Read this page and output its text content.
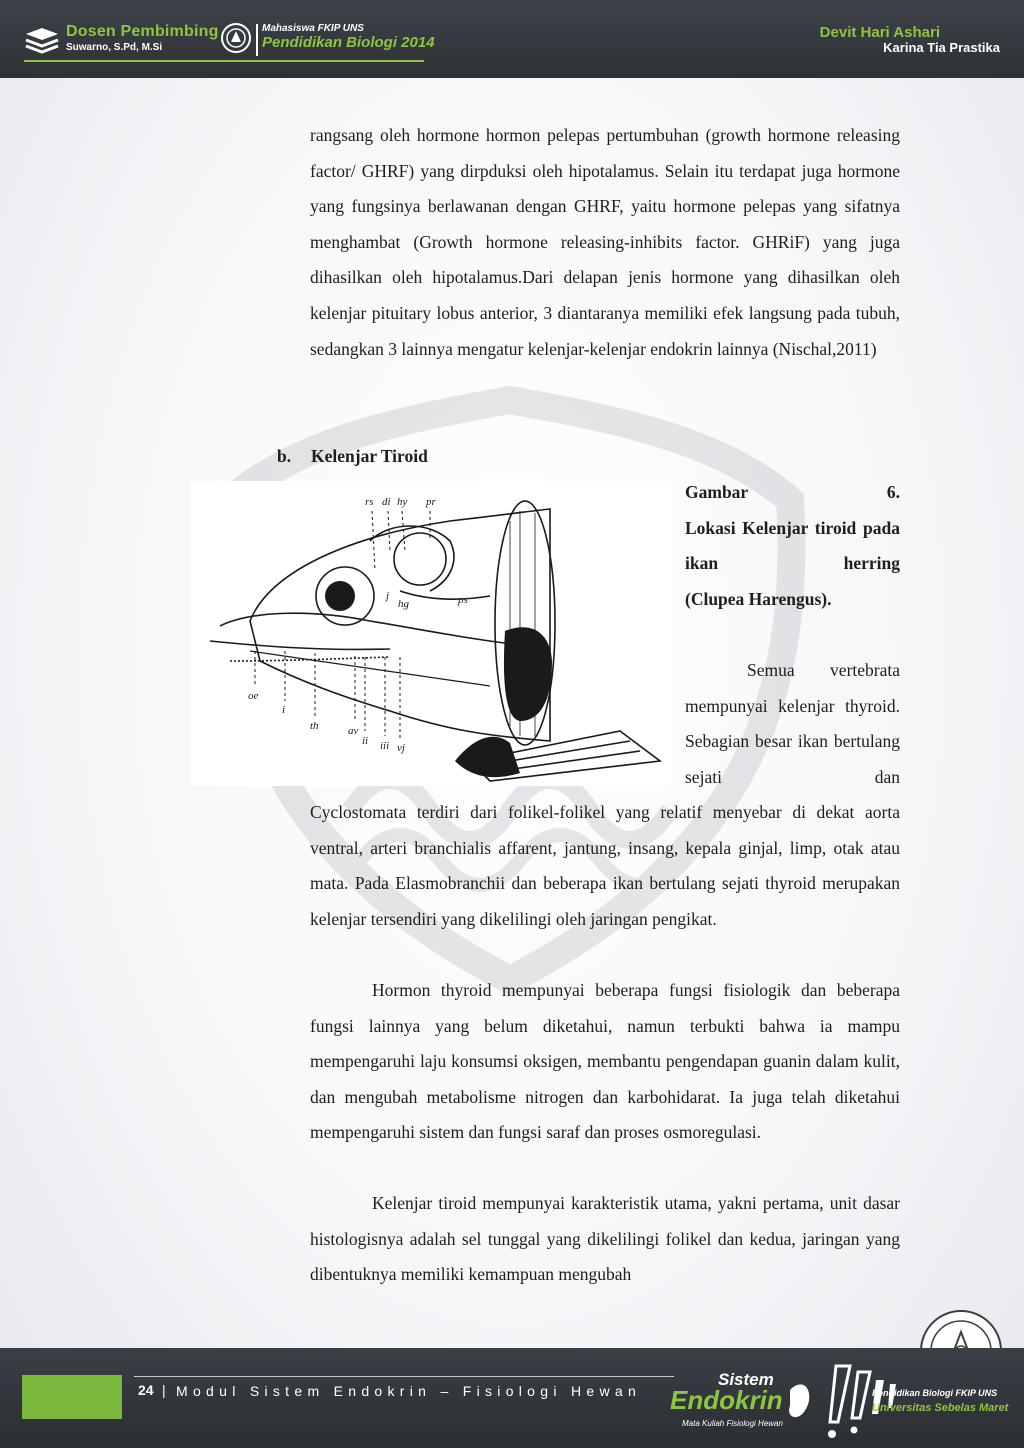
Dosen Pembimbing
Suwarno, S.Pd, M.Si
Mahasiswa FKIP UNS
Pendidikan Biologi 2014
Devit Hari Ashari
Karina Tia Prastika

rangsang oleh hormone hormon pelepas pertumbuhan (growth hormone releasing factor/ GHRF) yang dirpduksi oleh hipotalamus. Selain itu terdapat juga hormone yang fungsinya berlawanan dengan GHRF, yaitu hormone pelepas yang sifatnya menghambat (Growth hormone releasing-inhibits factor. GHRiF) yang juga dihasilkan oleh hipotalamus.Dari delapan jenis hormone yang dihasilkan oleh kelenjar pituitary lobus anterior, 3 diantaranya memiliki efek langsung pada tubuh, sedangkan 3 lainnya mengatur kelenjar-kelenjar endokrin lainnya (Nischal,2011)

b. Kelenjar Tiroid
rs di hy pr
j
hg	ps
oe
i
th	av
ii iii vj
Gambar 6.
Lokasi Kelenjar tiroid pada ikan herring
(Clupea Harengus).
Semua vertebrata mempunyai kelenjar thyroid. Sebagian besar ikan bertulang sejati dan

Cyclostomata terdiri dari folikel-folikel yang relatif menyebar di dekat aorta ventral, arteri branchialis affarent, jantung, insang, kepala ginjal, limp, otak atau mata. Pada Elasmobranchii dan beberapa ikan bertulang sejati thyroid merupakan kelenjar tersendiri yang dikelilingi oleh jaringan pengikat.

Hormon thyroid mempunyai beberapa fungsi fisiologik dan beberapa fungsi lainnya yang belum diketahui, namun terbukti bahwa ia mampu mempengaruhi laju konsumsi oksigen, membantu pengendapan guanin dalam kulit, dan mengubah metabolisme nitrogen dan karbohidarat. Ia juga telah diketahui mempengaruhi sistem dan fungsi saraf dan proses osmoregulasi.

Kelenjar tiroid mempunyai karakteristik utama, yakni pertama, unit dasar histologisnya adalah sel tunggal yang dikelilingi folikel dan kedua, jaringan yang dibentuknya memiliki kemampuan mengubah

24 | Modul Sistem Endokrin – Fisiologi Hewan
Sistem
Endokrin
Mata Kuliah Fisiologi Hewan
Pendidikan Biologi FKIP UNS
Universitas Sebelas Maret
